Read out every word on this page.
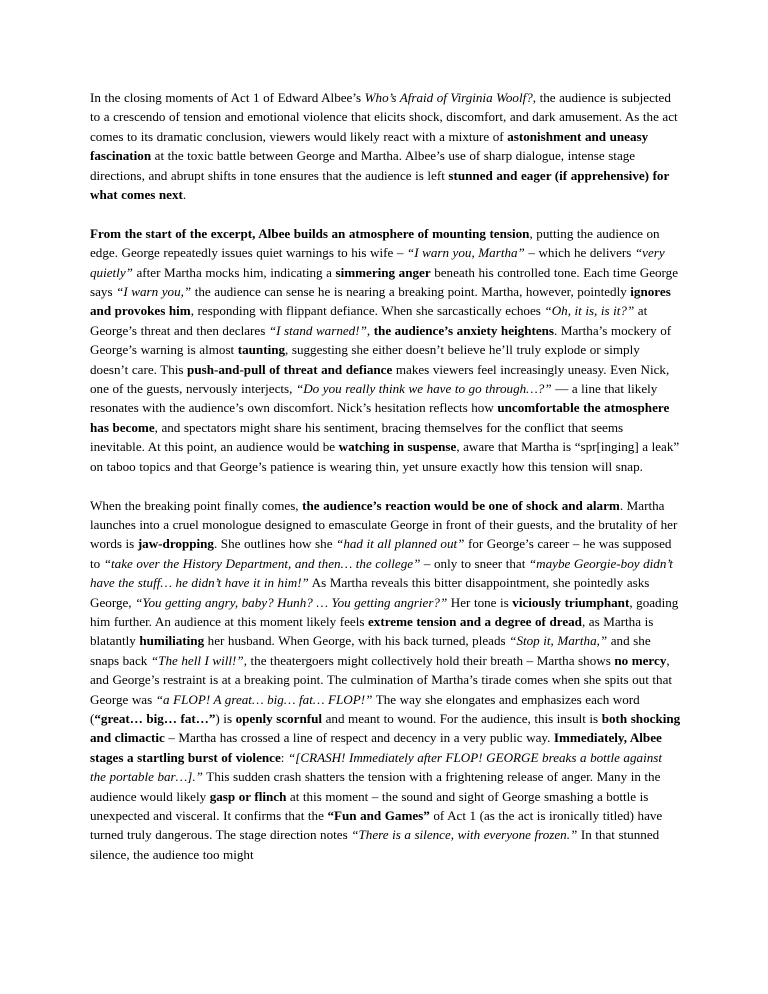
In the closing moments of Act 1 of Edward Albee’s Who’s Afraid of Virginia Woolf?, the audience is subjected to a crescendo of tension and emotional violence that elicits shock, discomfort, and dark amusement. As the act comes to its dramatic conclusion, viewers would likely react with a mixture of astonishment and uneasy fascination at the toxic battle between George and Martha. Albee’s use of sharp dialogue, intense stage directions, and abrupt shifts in tone ensures that the audience is left stunned and eager (if apprehensive) for what comes next.

From the start of the excerpt, Albee builds an atmosphere of mounting tension, putting the audience on edge. George repeatedly issues quiet warnings to his wife – “I warn you, Martha” – which he delivers “very quietly” after Martha mocks him, indicating a simmering anger beneath his controlled tone. Each time George says “I warn you,” the audience can sense he is nearing a breaking point. Martha, however, pointedly ignores and provokes him, responding with flippant defiance. When she sarcastically echoes “Oh, it is, is it?” at George’s threat and then declares “I stand warned!”, the audience’s anxiety heightens. Martha’s mockery of George’s warning is almost taunting, suggesting she either doesn’t believe he’ll truly explode or simply doesn’t care. This push-and-pull of threat and defiance makes viewers feel increasingly uneasy. Even Nick, one of the guests, nervously interjects, “Do you really think we have to go through…?” — a line that likely resonates with the audience’s own discomfort. Nick’s hesitation reflects how uncomfortable the atmosphere has become, and spectators might share his sentiment, bracing themselves for the conflict that seems inevitable. At this point, an audience would be watching in suspense, aware that Martha is “spr[inging] a leak” on taboo topics and that George’s patience is wearing thin, yet unsure exactly how this tension will snap.

When the breaking point finally comes, the audience’s reaction would be one of shock and alarm. Martha launches into a cruel monologue designed to emasculate George in front of their guests, and the brutality of her words is jaw-dropping. She outlines how she “had it all planned out” for George’s career – he was supposed to “take over the History Department, and then… the college” – only to sneer that “maybe Georgie-boy didn’t have the stuff… he didn’t have it in him!” As Martha reveals this bitter disappointment, she pointedly asks George, “You getting angry, baby? Hunh? … You getting angrier?” Her tone is viciously triumphant, goading him further. An audience at this moment likely feels extreme tension and a degree of dread, as Martha is blatantly humiliating her husband. When George, with his back turned, pleads “Stop it, Martha,” and she snaps back “The hell I will!”, the theatergoers might collectively hold their breath – Martha shows no mercy, and George’s restraint is at a breaking point. The culmination of Martha’s tirade comes when she spits out that George was “a FLOP! A great… big… fat… FLOP!” The way she elongates and emphasizes each word (“great… big… fat…”) is openly scornful and meant to wound. For the audience, this insult is both shocking and climactic – Martha has crossed a line of respect and decency in a very public way. Immediately, Albee stages a startling burst of violence: “[CRASH! Immediately after FLOP! GEORGE breaks a bottle against the portable bar…].” This sudden crash shatters the tension with a frightening release of anger. Many in the audience would likely gasp or flinch at this moment – the sound and sight of George smashing a bottle is unexpected and visceral. It confirms that the “Fun and Games” of Act 1 (as the act is ironically titled) have turned truly dangerous. The stage direction notes “There is a silence, with everyone frozen.” In that stunned silence, the audience too might
